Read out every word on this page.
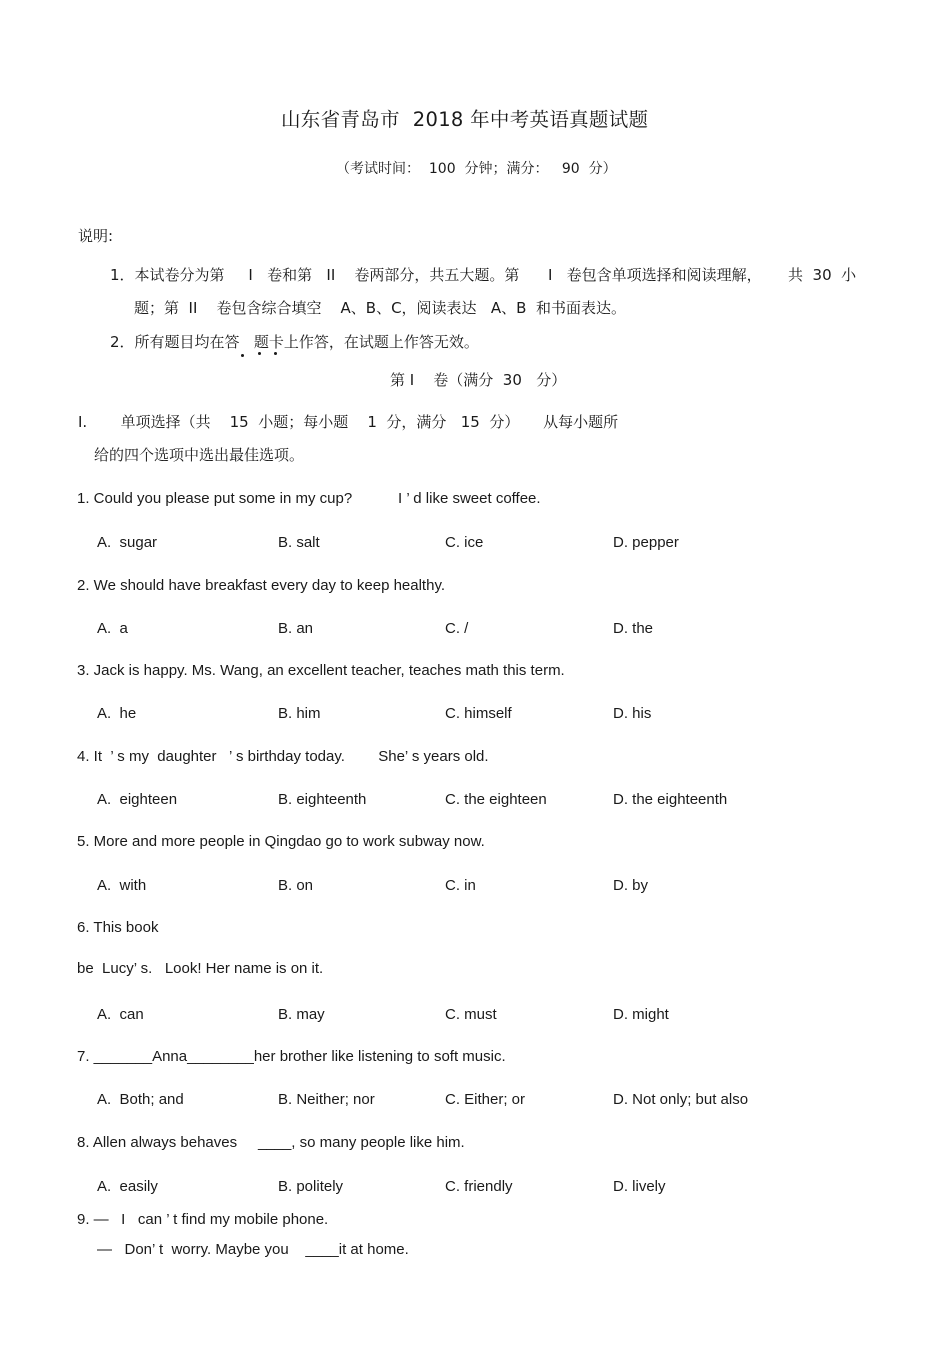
山东省青岛市  2018 年中考英语真题试题
（考试时间：  100  分钟；满分：   90  分）
说明:
1．本试卷分为第     I   卷和第   II    卷两部分，共五大题。第      I   卷包含单项选择和阅读理解， 共  30  小
题；第  II    卷包含综合填空    A、B、C，阅读表达   A、B  和书面表达。
2．所有题目均在答   题卡上作答，在试题上作答无效。
第 I    卷（满分  30   分）
I.       单项选择（共    15  小题；每小题    1  分，满分   15  分）     从每小题所
给的四个选项中选出最佳选项。
1. Could you please put some in my cup?           I ’ d like sweet coffee.
A.  sugar	B. salt	C. ice	D. pepper
2. We should have breakfast every day to keep healthy.
A.  a	B. an	C. /	D. the
3. Jack is happy. Ms. Wang, an excellent teacher, teaches math this term.
A.  he	B. him	C. himself	D. his
4. It  ’ s my  daughter   ’ s birthday today.        She’ s years old.
A.  eighteen	B. eighteenth	C. the eighteen	D. the eighteenth
5. More and more people in Qingdao go to work subway now.
A.  with	B. on	C. in	D. by
6. This book
be  Lucy’ s.   Look! Her name is on it.
A.  can	B. may	C. must	D. might
7. _______Anna________her brother like listening to soft music.
A.  Both; and	B. Neither; nor	C. Either; or	D. Not only; but also
8. Allen always behaves     ____, so many people like him.
A.  easily	B. politely	C. friendly	D. lively
9. —   I   can ’ t find my mobile phone.
—   Don’ t  worry. Maybe you    ____it at home.
